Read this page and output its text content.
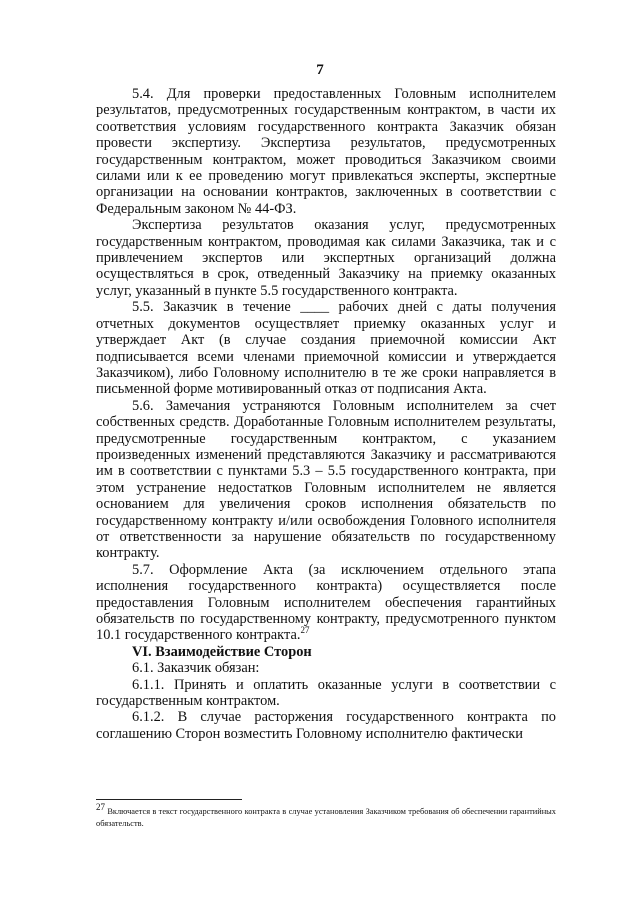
7

5.4. Для проверки предоставленных Головным исполнителем результатов, предусмотренных государственным контрактом, в части их соответствия условиям государственного контракта Заказчик обязан провести экспертизу. Экспертиза результатов, предусмотренных государственным контрактом, может проводиться Заказчиком своими силами или к ее проведению могут привлекаться эксперты, экспертные организации на основании контрактов, заключенных в соответствии с Федеральным законом № 44-ФЗ.

Экспертиза результатов оказания услуг, предусмотренных государственным контрактом, проводимая как силами Заказчика, так и с привлечением экспертов или экспертных организаций должна осуществляться в срок, отведенный Заказчику на приемку оказанных услуг, указанный в пункте 5.5 государственного контракта.

5.5. Заказчик в течение ____ рабочих дней с даты получения отчетных документов осуществляет приемку оказанных услуг и утверждает Акт (в случае создания приемочной комиссии Акт подписывается всеми членами приемочной комиссии и утверждается Заказчиком), либо Головному исполнителю в те же сроки направляется в письменной форме мотивированный отказ от подписания Акта.

5.6. Замечания устраняются Головным исполнителем за счет собственных средств. Доработанные Головным исполнителем результаты, предусмотренные государственным контрактом, с указанием произведенных изменений представляются Заказчику и рассматриваются им в соответствии с пунктами 5.3 – 5.5 государственного контракта, при этом устранение недостатков Головным исполнителем не является основанием для увеличения сроков исполнения обязательств по государственному контракту и/или освобождения Головного исполнителя от ответственности за нарушение обязательств по государственному контракту.

5.7. Оформление Акта (за исключением отдельного этапа исполнения государственного контракта) осуществляется после предоставления Головным исполнителем обеспечения гарантийных обязательств по государственному контракту, предусмотренного пунктом 10.1 государственного контракта.$^{27}$

VI. Взаимодействие Сторон

6.1. Заказчик обязан:

6.1.1. Принять и оплатить оказанные услуги в соответствии с государственным контрактом.

6.1.2. В случае расторжения государственного контракта по соглашению Сторон возместить Головному исполнителю фактически

27 Включается в текст государственного контракта в случае установления Заказчиком требования об обеспечении гарантийных обязательств.
